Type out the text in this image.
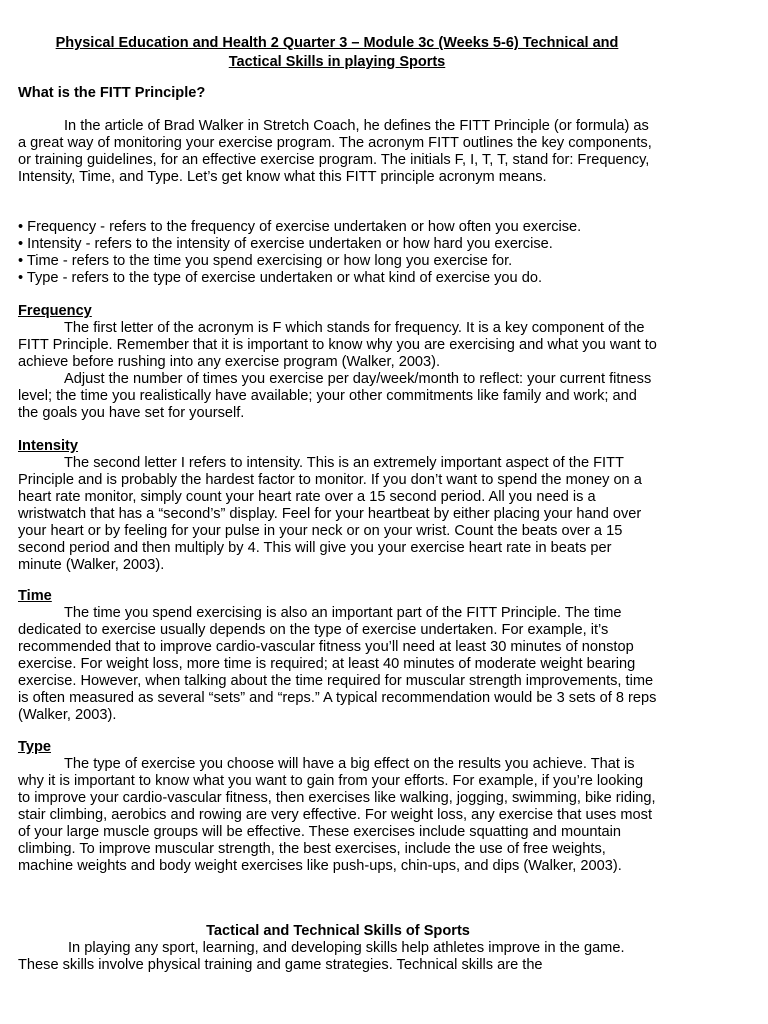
Physical Education and Health 2 Quarter 3 – Module 3c (Weeks 5-6) Technical and
Tactical Skills in playing Sports
What is the FITT Principle?

In the article of Brad Walker in Stretch Coach, he defines the FITT Principle (or formula) as a great way of monitoring your exercise program. The acronym FITT outlines the key components, or training guidelines, for an effective exercise program. The initials F, I, T, T, stand for: Frequency, Intensity, Time, and Type. Let’s get know what this FITT principle acronym means.

• Frequency - refers to the frequency of exercise undertaken or how often you exercise.

• Intensity - refers to the intensity of exercise undertaken or how hard you exercise.

• Time - refers to the time you spend exercising or how long you exercise for.

• Type - refers to the type of exercise undertaken or what kind of exercise you do.

Frequency

The first letter of the acronym is F which stands for frequency. It is a key component of the FITT Principle. Remember that it is important to know why you are exercising and what you want to achieve before rushing into any exercise program (Walker, 2003).

Adjust the number of times you exercise per day/week/month to reflect: your current fitness level; the time you realistically have available; your other commitments like family and work; and the goals you have set for yourself.

Intensity

The second letter I refers to intensity. This is an extremely important aspect of the FITT Principle and is probably the hardest factor to monitor. If you don’t want to spend the money on a heart rate monitor, simply count your heart rate over a 15 second period. All you need is a wristwatch that has a “second’s” display. Feel for your heartbeat by either placing your hand over your heart or by feeling for your pulse in your neck or on your wrist. Count the beats over a 15 second period and then multiply by 4. This will give you your exercise heart rate in beats per minute (Walker, 2003).

Time

The time you spend exercising is also an important part of the FITT Principle. The time dedicated to exercise usually depends on the type of exercise undertaken. For example, it’s recommended that to improve cardio-vascular fitness you’ll need at least 30 minutes of nonstop exercise. For weight loss, more time is required; at least 40 minutes of moderate weight bearing exercise. However, when talking about the time required for muscular strength improvements, time is often measured as several “sets” and “reps.” A typical recommendation would be 3 sets of 8 reps (Walker, 2003).

Type

The type of exercise you choose will have a big effect on the results you achieve. That is why it is important to know what you want to gain from your efforts. For example, if you’re looking to improve your cardio-vascular fitness, then exercises like walking, jogging, swimming, bike riding, stair climbing, aerobics and rowing are very effective. For weight loss, any exercise that uses most of your large muscle groups will be effective. These exercises include squatting and mountain climbing. To improve muscular strength, the best exercises, include the use of free weights, machine weights and body weight exercises like push-ups, chin-ups, and dips (Walker, 2003).

Tactical and Technical Skills of Sports

In playing any sport, learning, and developing skills help athletes improve in the game. These skills involve physical training and game strategies. Technical skills are the
